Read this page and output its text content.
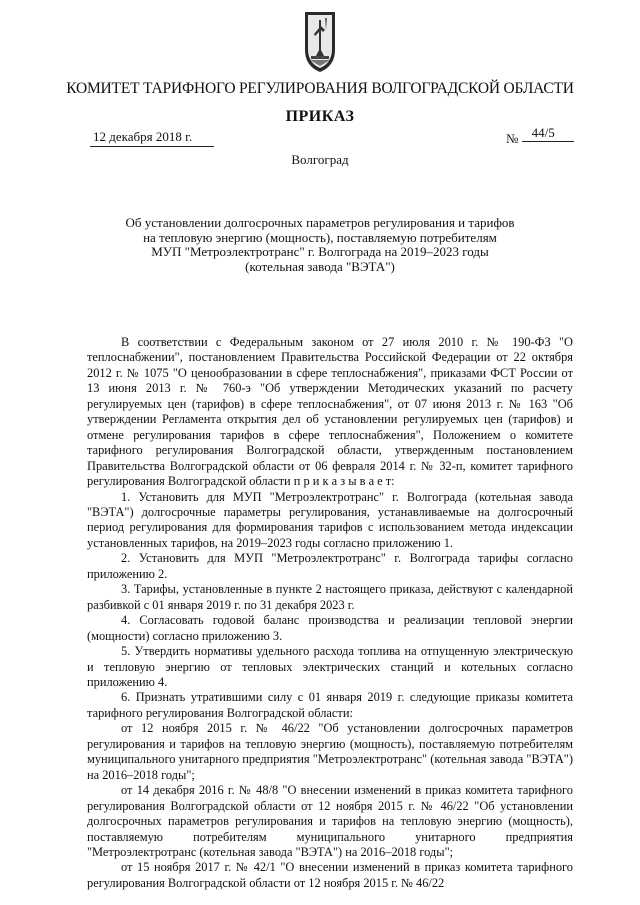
КОМИТЕТ ТАРИФНОГО РЕГУЛИРОВАНИЯ ВОЛГОГРАДСКОЙ ОБЛАСТИ
ПРИКАЗ
12 декабря 2018 г.	№ 44/5
Волгоград
Об установлении долгосрочных параметров регулирования и тарифов
на тепловую энергию (мощность), поставляемую потребителям
МУП "Метроэлектротранс" г. Волгограда на 2019–2023 годы
(котельная завода "ВЭТА")

В соответствии с Федеральным законом от 27 июля 2010 г. № 190-ФЗ "О теплоснабжении", постановлением Правительства Российской Федерации от 22 октября 2012 г. № 1075 "О ценообразовании в сфере теплоснабжения", приказами ФСТ России от 13 июня 2013 г. № 760-э "Об утверждении Методических указаний по расчету регулируемых цен (тарифов) в сфере теплоснабжения", от 07 июня 2013 г. № 163 "Об утверждении Регламента открытия дел об установлении регулируемых цен (тарифов) и отмене регулирования тарифов в сфере теплоснабжения", Положением о комитете тарифного регулирования Волгоградской области, утвержденным постановлением Правительства Волгоградской области от 06 февраля 2014 г. № 32-п, комитет тарифного регулирования Волгоградской области п р и к а з ы в а е т:

1. Установить для МУП "Метроэлектротранс" г. Волгограда (котельная завода "ВЭТА") долгосрочные параметры регулирования, устанавливаемые на долгосрочный период регулирования для формирования тарифов с использованием метода индексации установленных тарифов, на 2019–2023 годы согласно приложению 1.

2. Установить для МУП "Метроэлектротранс" г. Волгограда тарифы согласно приложению 2.

3. Тарифы, установленные в пункте 2 настоящего приказа, действуют с календарной разбивкой с 01 января 2019 г. по 31 декабря 2023 г.

4. Согласовать годовой баланс производства и реализации тепловой энергии (мощности) согласно приложению 3.

5. Утвердить нормативы удельного расхода топлива на отпущенную электрическую и тепловую энергию от тепловых электрических станций и котельных согласно приложению 4.

6. Признать утратившими силу с 01 января 2019 г. следующие приказы комитета тарифного регулирования Волгоградской области:

от 12 ноября 2015 г. № 46/22 "Об установлении долгосрочных параметров регулирования и тарифов на тепловую энергию (мощность), поставляемую потребителям муниципального унитарного предприятия "Метроэлектротранс" (котельная завода "ВЭТА") на 2016–2018 годы";

от 14 декабря 2016 г. № 48/8 "О внесении изменений в приказ комитета тарифного регулирования Волгоградской области от 12 ноября 2015 г. № 46/22 "Об установлении долгосрочных параметров регулирования и тарифов на тепловую энергию (мощность), поставляемую потребителям муниципального унитарного предприятия "Метроэлектротранс (котельная завода "ВЭТА") на 2016–2018 годы";

от 15 ноября 2017 г. № 42/1 "О внесении изменений в приказ комитета тарифного регулирования Волгоградской области от 12 ноября 2015 г. № 46/22
